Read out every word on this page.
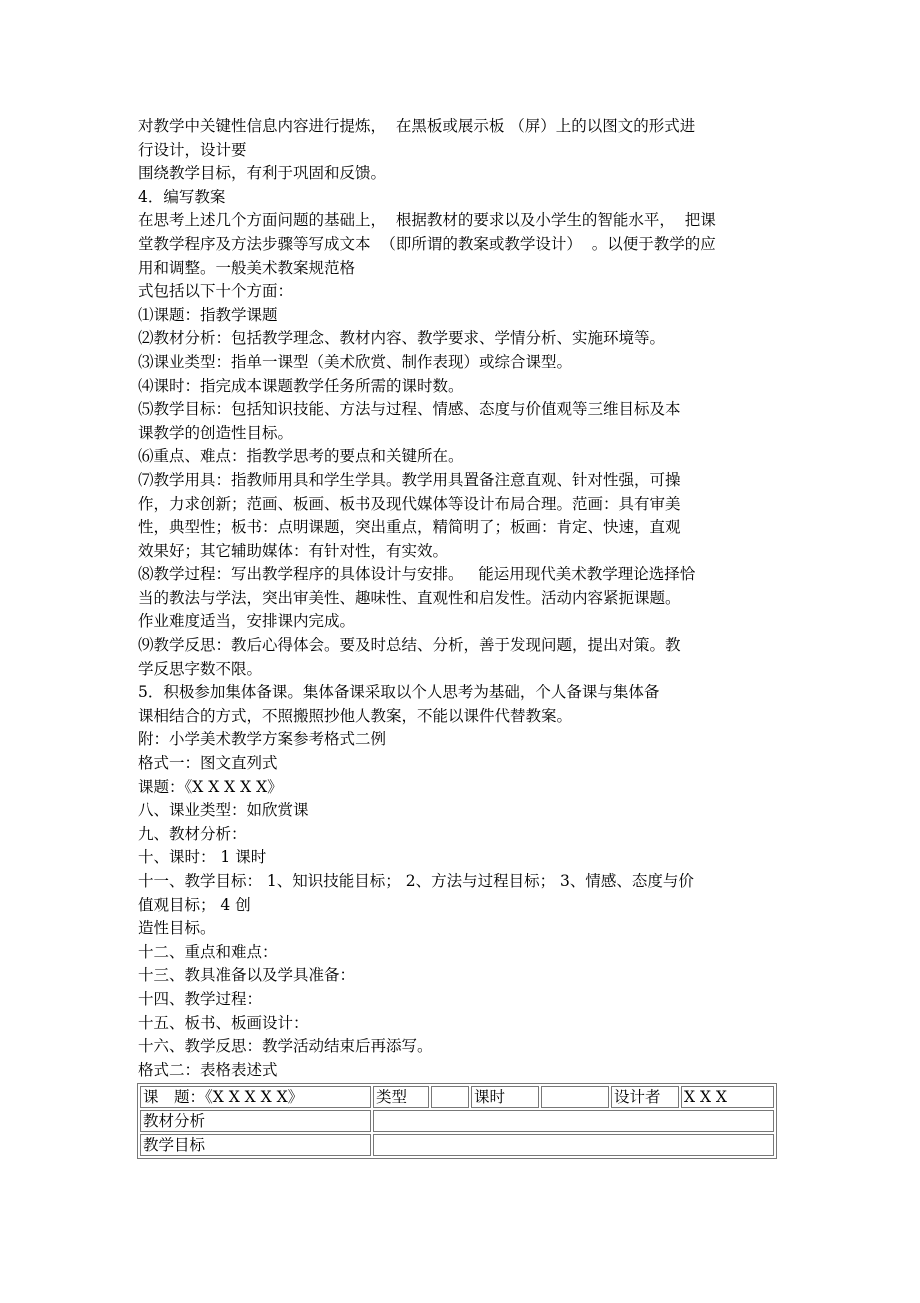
对教学中关键性信息内容进行提炼，  在黑板或展示板 （屏）上的以图文的形式进
行设计，设计要
围绕教学目标，有利于巩固和反馈。
4．编写教案
在思考上述几个方面问题的基础上，  根据教材的要求以及小学生的智能水平，  把课
堂教学程序及方法步骤等写成文本  （即所谓的教案或教学设计）  。以便于教学的应
用和调整。一般美术教案规范格
式包括以下十个方面：
⑴课题：指教学课题
⑵教材分析：包括教学理念、教材内容、教学要求、学情分析、实施环境等。
⑶课业类型：指单一课型（美术欣赏、制作表现）或综合课型。
⑷课时：指完成本课题教学任务所需的课时数。
⑸教学目标：包括知识技能、方法与过程、情感、态度与价值观等三维目标及本
课教学的创造性目标。
⑹重点、难点：指教学思考的要点和关键所在。
⑺教学用具：指教师用具和学生学具。教学用具置备注意直观、针对性强，可操
作，力求创新；范画、板画、板书及现代媒体等设计布局合理。范画：具有审美
性，典型性；板书：点明课题，突出重点，精简明了；板画：肯定、快速，直观
效果好；其它辅助媒体：有针对性，有实效。
⑻教学过程：写出教学程序的具体设计与安排。   能运用现代美术教学理论选择恰
当的教法与学法，突出审美性、趣味性、直观性和启发性。活动内容紧扼课题。
作业难度适当，安排课内完成。
⑼教学反思：教后心得体会。要及时总结、分析，善于发现问题，提出对策。教
学反思字数不限。
5．积极参加集体备课。集体备课采取以个人思考为基础，个人备课与集体备
课相结合的方式，不照搬照抄他人教案，不能以课件代替教案。
附：小学美术教学方案参考格式二例
格式一：图文直列式
课题：《X X X X X》
八、课业类型：如欣赏课
九、教材分析：
十、课时： 1 课时
十一、教学目标： 1、知识技能目标； 2、方法与过程目标； 3、情感、态度与价
值观目标； 4 创
造性目标。
十二、重点和难点：
十三、教具准备以及学具准备：
十四、教学过程：
十五、板书、板画设计：
十六、教学反思：教学活动结束后再添写。
格式二：表格表述式
课　题：《X X X X X》	类型		课时		设计者	X X X
教材分析						
教学目标						
